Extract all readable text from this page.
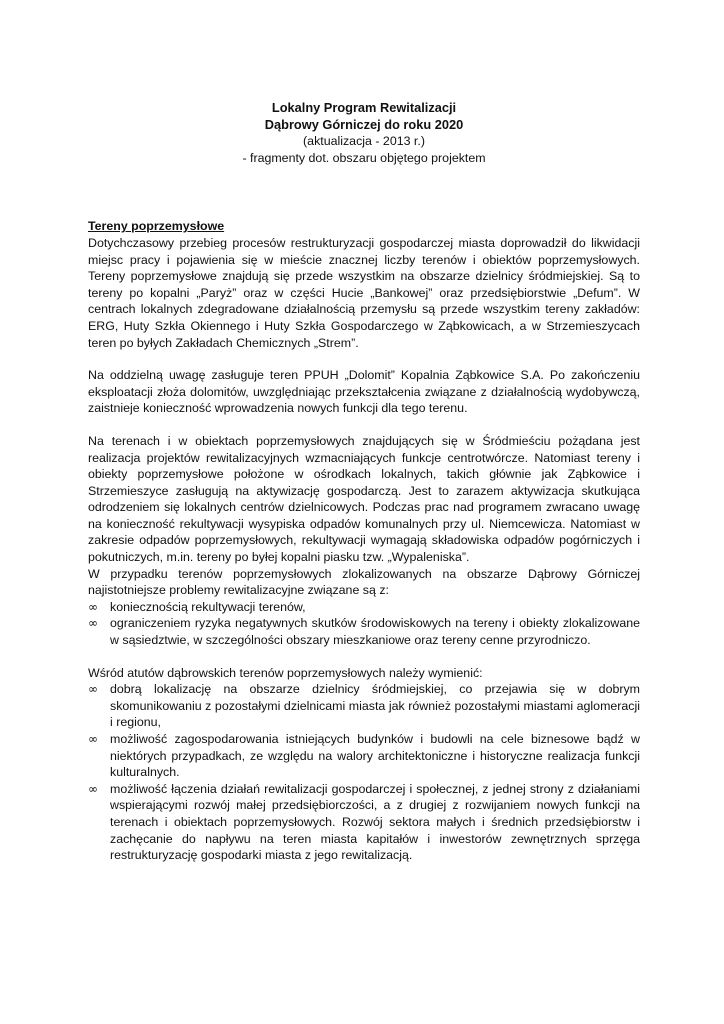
Lokalny Program Rewitalizacji
Dąbrowy Górniczej do roku 2020
(aktualizacja - 2013 r.)
- fragmenty dot. obszaru objętego projektem
Tereny poprzemysłowe

Dotychczasowy przebieg procesów restrukturyzacji gospodarczej miasta doprowadził do likwidacji miejsc pracy i pojawienia się w mieście znacznej liczby terenów i obiektów poprzemysłowych. Tereny poprzemysłowe znajdują się przede wszystkim na obszarze dzielnicy śródmiejskiej. Są to tereny po kopalni „Paryż” oraz w części Hucie „Bankowej” oraz przedsiębiorstwie „Defum”. W centrach lokalnych zdegradowane działalnością przemysłu są przede wszystkim tereny zakładów: ERG, Huty Szkła Okiennego i Huty Szkła Gospodarczego w Ząbkowicach, a w Strzemieszycach teren po byłych Zakładach Chemicznych „Strem”.

Na oddzielną uwagę zasługuje teren PPUH „Dolomit” Kopalnia Ząbkowice S.A. Po zakończeniu eksploatacji złoża dolomitów, uwzględniając przekształcenia związane z działalnością wydobywczą, zaistnieje konieczność wprowadzenia nowych funkcji dla tego terenu.

Na terenach i w obiektach poprzemysłowych znajdujących się w Śródmieściu pożądana jest realizacja projektów rewitalizacyjnych wzmacniających funkcje centrotwórcze. Natomiast tereny i obiekty poprzemysłowe położone w ośrodkach lokalnych, takich głównie jak Ząbkowice i Strzemieszyce zasługują na aktywizację gospodarczą. Jest to zarazem aktywizacja skutkująca odrodzeniem się lokalnych centrów dzielnicowych. Podczas prac nad programem zwracano uwagę na konieczność rekultywacji wysypiska odpadów komunalnych przy ul. Niemcewicza. Natomiast w zakresie odpadów poprzemysłowych, rekultywacji wymagają składowiska odpadów pogórniczych i pokutniczych, m.in. tereny po byłej kopalni piasku tzw. „Wypaleniska”.

W przypadku terenów poprzemysłowych zlokalizowanych na obszarze Dąbrowy Górniczej najistotniejsze problemy rewitalizacyjne związane są z:

∞ koniecznością rekultywacji terenów,
∞ ograniczeniem ryzyka negatywnych skutków środowiskowych na tereny i obiekty zlokalizowane w sąsiedztwie, w szczególności obszary mieszkaniowe oraz tereny cenne przyrodniczo.

Wśród atutów dąbrowskich terenów poprzemysłowych należy wymienić:

∞ dobrą lokalizację na obszarze dzielnicy śródmiejskiej, co przejawia się w dobrym skomunikowaniu z pozostałymi dzielnicami miasta jak również pozostałymi miastami aglomeracji i regionu,
∞ możliwość zagospodarowania istniejących budynków i budowli na cele biznesowe bądź w niektórych przypadkach, ze względu na walory architektoniczne i historyczne realizacja funkcji kulturalnych.
∞ możliwość łączenia działań rewitalizacji gospodarczej i społecznej, z jednej strony z działaniami wspierającymi rozwój małej przedsiębiorczości, a z drugiej z rozwijaniem nowych funkcji na terenach i obiektach poprzemysłowych. Rozwój sektora małych i średnich przedsiębiorstw i zachęcanie do napływu na teren miasta kapitałów i inwestorów zewnętrznych sprzęga restrukturyzację gospodarki miasta z jego rewitalizacją.
